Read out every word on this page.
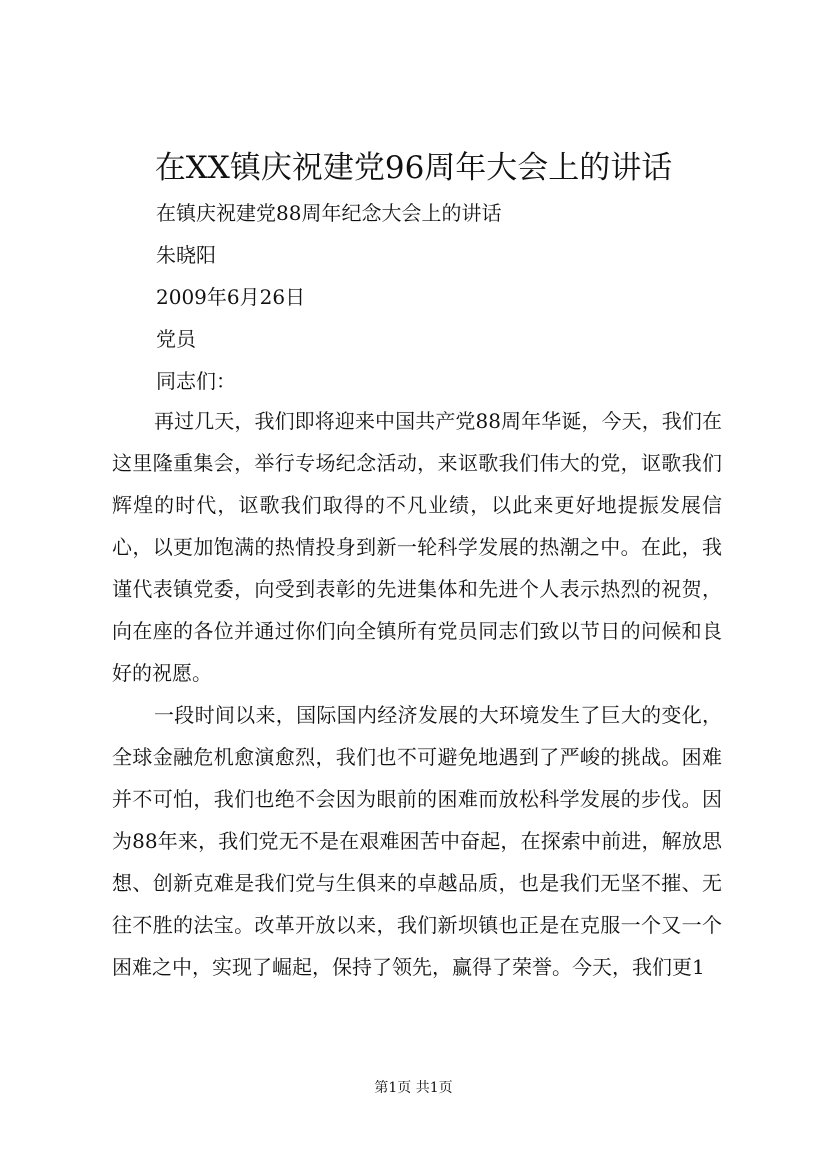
在XX镇庆祝建党96周年大会上的讲话
在镇庆祝建党88周年纪念大会上的讲话
朱晓阳
2009年6月26日
党员
同志们：
再过几天，我们即将迎来中国共产党88周年华诞，今天，我们在这里隆重集会，举行专场纪念活动，来讴歌我们伟大的党，讴歌我们辉煌的时代，讴歌我们取得的不凡业绩，以此来更好地提振发展信心，以更加饱满的热情投身到新一轮科学发展的热潮之中。在此，我谨代表镇党委，向受到表彰的先进集体和先进个人表示热烈的祝贺，向在座的各位并通过你们向全镇所有党员同志们致以节日的问候和良好的祝愿。
一段时间以来，国际国内经济发展的大环境发生了巨大的变化，全球金融危机愈演愈烈，我们也不可避免地遇到了严峻的挑战。困难并不可怕，我们也绝不会因为眼前的困难而放松科学发展的步伐。因为88年来，我们党无不是在艰难困苦中奋起，在探索中前进，解放思想、创新克难是我们党与生俱来的卓越品质，也是我们无坚不摧、无往不胜的法宝。改革开放以来，我们新坝镇也正是在克服一个又一个困难之中，实现了崛起，保持了领先，赢得了荣誉。今天，我们更1
第1页 共1页
